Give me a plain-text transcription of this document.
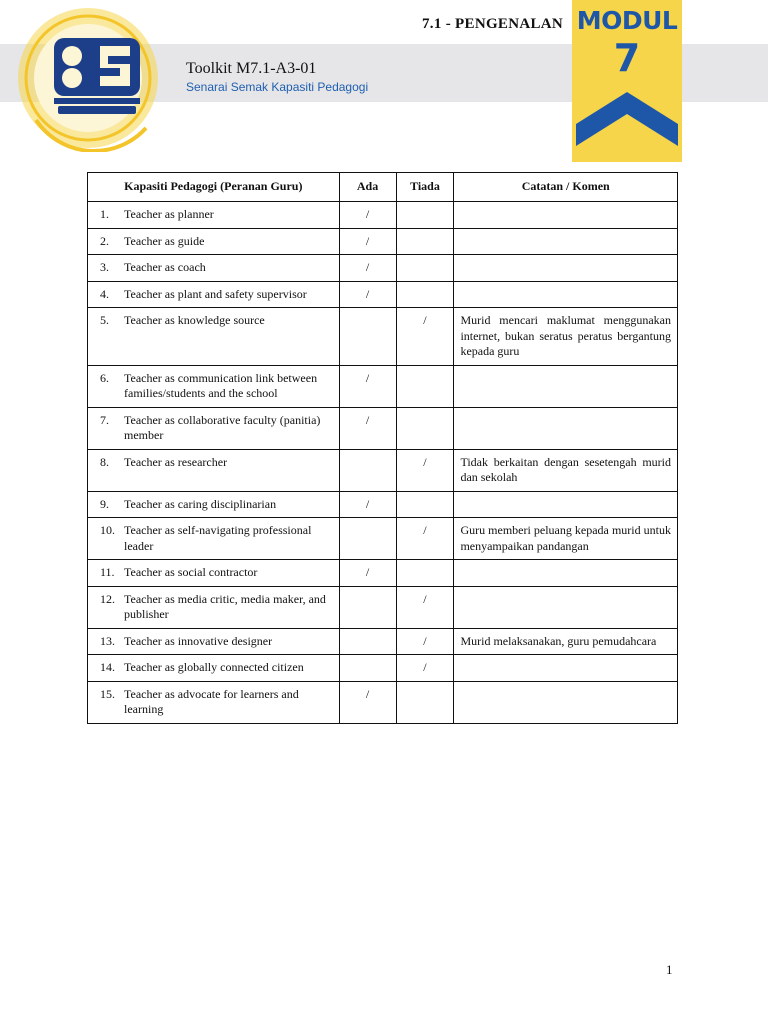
7.1 - PENGENALAN
Toolkit M7.1-A3-01
Senarai Semak Kapasiti Pedagogi
MODUL
7
Kapasiti Pedagogi (Peranan Guru)	Ada	Tiada	Catatan / Komen

1. Teacher as planner	/		

2. Teacher as guide	/		

3. Teacher as coach	/		

4. Teacher as plant and safety supervisor	/		

5. Teacher as knowledge source		/	Murid mencari maklumat menggunakan internet, bukan seratus peratus bergantung kepada guru

6. Teacher as communication link between families/students and the school	/		

7. Teacher as collaborative faculty (panitia) member	/		

8. Teacher as researcher		/	Tidak berkaitan dengan sesetengah murid dan sekolah

9. Teacher as caring disciplinarian	/		

10. Teacher as self-navigating professional leader		/	Guru memberi peluang kepada murid untuk menyampaikan pandangan

11. Teacher as social contractor	/		

12. Teacher as media critic, media maker, and publisher		/	

13. Teacher as innovative designer		/	Murid melaksanakan, guru pemudahcara

14. Teacher as globally connected citizen		/	

15. Teacher as advocate for learners and learning	/		
1
